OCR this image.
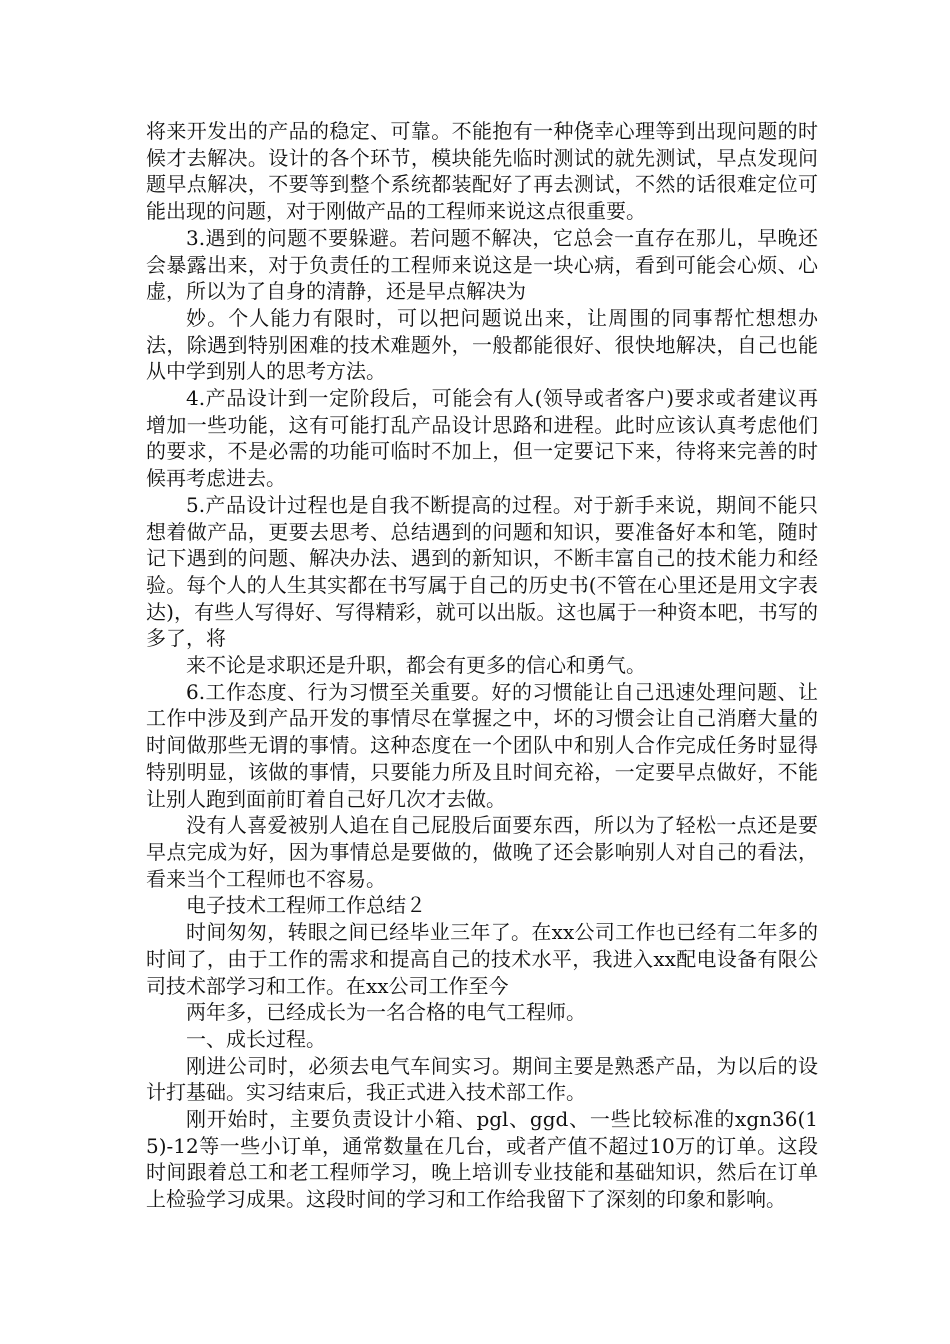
将来开发出的产品的稳定、可靠。不能抱有一种侥幸心理等到出现问题的时候才去解决。设计的各个环节，模块能先临时测试的就先测试，早点发现问题早点解决，不要等到整个系统都装配好了再去测试，不然的话很难定位可能出现的问题，对于刚做产品的工程师来说这点很重要。

3.遇到的问题不要躲避。若问题不解决，它总会一直存在那儿，早晚还会暴露出来，对于负责任的工程师来说这是一块心病，看到可能会心烦、心虚，所以为了自身的清静，还是早点解决为

妙。个人能力有限时，可以把问题说出来，让周围的同事帮忙想想办法，除遇到特别困难的技术难题外，一般都能很好、很快地解决，自己也能从中学到别人的思考方法。

4.产品设计到一定阶段后，可能会有人(领导或者客户)要求或者建议再增加一些功能，这有可能打乱产品设计思路和进程。此时应该认真考虑他们的要求，不是必需的功能可临时不加上，但一定要记下来，待将来完善的时候再考虑进去。

5.产品设计过程也是自我不断提高的过程。对于新手来说，期间不能只想着做产品，更要去思考、总结遇到的问题和知识，要准备好本和笔，随时记下遇到的问题、解决办法、遇到的新知识，不断丰富自己的技术能力和经验。每个人的人生其实都在书写属于自己的历史书(不管在心里还是用文字表达)，有些人写得好、写得精彩，就可以出版。这也属于一种资本吧，书写的多了，将

来不论是求职还是升职，都会有更多的信心和勇气。

6.工作态度、行为习惯至关重要。好的习惯能让自己迅速处理问题、让工作中涉及到产品开发的事情尽在掌握之中，坏的习惯会让自己消磨大量的时间做那些无谓的事情。这种态度在一个团队中和别人合作完成任务时显得特别明显，该做的事情，只要能力所及且时间充裕，一定要早点做好，不能让别人跑到面前盯着自己好几次才去做。

没有人喜爱被别人追在自己屁股后面要东西，所以为了轻松一点还是要早点完成为好，因为事情总是要做的，做晚了还会影响别人对自己的看法，看来当个工程师也不容易。

电子技术工程师工作总结２

时间匆匆，转眼之间已经毕业三年了。在xx公司工作也已经有二年多的时间了，由于工作的需求和提高自己的技术水平，我进入xx配电设备有限公司技术部学习和工作。在xx公司工作至今

两年多，已经成长为一名合格的电气工程师。

一、成长过程。

刚进公司时，必须去电气车间实习。期间主要是熟悉产品，为以后的设计打基础。实习结束后，我正式进入技术部工作。

刚开始时，主要负责设计小箱、pgl、ggd、一些比较标准的xgn36(15)-12等一些小订单，通常数量在几台，或者产值不超过10万的订单。这段时间跟着总工和老工程师学习，晚上培训专业技能和基础知识，然后在订单上检验学习成果。这段时间的学习和工作给我留下了深刻的印象和影响。
